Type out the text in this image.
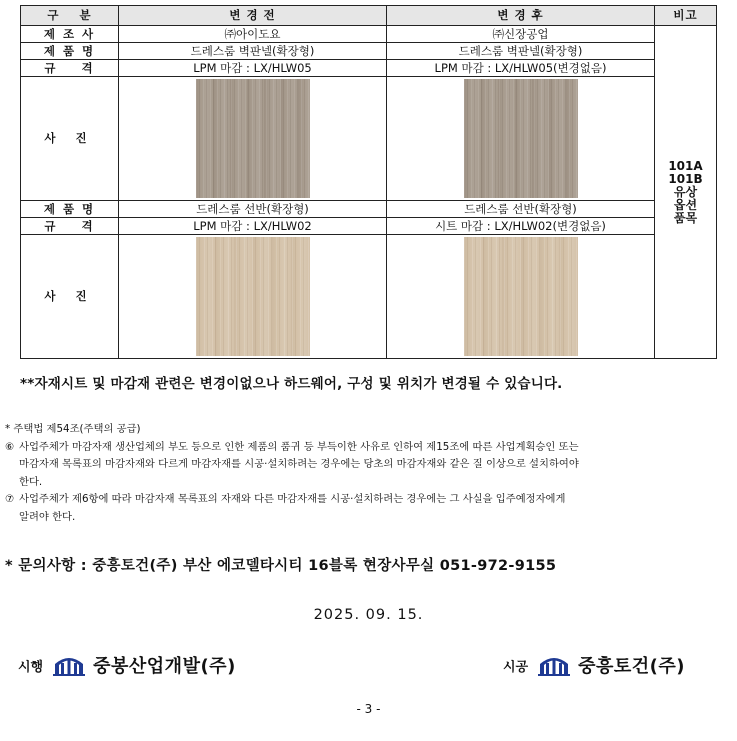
구    분	변 경 전	변 경 후	비고
제 조 사	㈜아이도요	㈜신장공업	101A
101B
유상
옵션
품목

제 품 명	드레스룸 벽판넬(확장형)	드레스룸 벽판넬(확장형)	
규    격	LPM 마감 : LX/HLW05	LPM 마감 : LX/HLW05(변경없음)	
사 진		

제 품 명	드레스룸 선반(확장형)	드레스룸 선반(확장형)	
규    격	LPM 마감 : LX/HLW02	시트 마감 : LX/HLW02(변경없음)	
사 진		

**자재시트 및 마감재 관련은 변경이없으나 하드웨어, 구성 및 위치가 변경될 수 있습니다.
* 주택법 제54조(주택의 공급)
⑥ 사업주체가 마감자재 생산업체의 부도 등으로 인한 제품의 품귀 등 부득이한 사유로 인하여 제15조에 따른 사업계획승인 또는
마감자재 목록표의 마감자재와 다르게 마감자재를 시공·설치하려는 경우에는 당초의 마감자재와 같은 질 이상으로 설치하여야
한다.
⑦ 사업주체가 제6항에 따라 마감자재 목록표의 자재와 다른 마감자재를 시공·설치하려는 경우에는 그 사실을 입주예정자에게
알려야 한다.
* 문의사항 : 중흥토건(주) 부산 에코델타시티 16블록 현장사무실 051-972-9155
2025. 09. 15.
시행	중봉산업개발(주)	시공	중흥토건(주)
- 3 -
